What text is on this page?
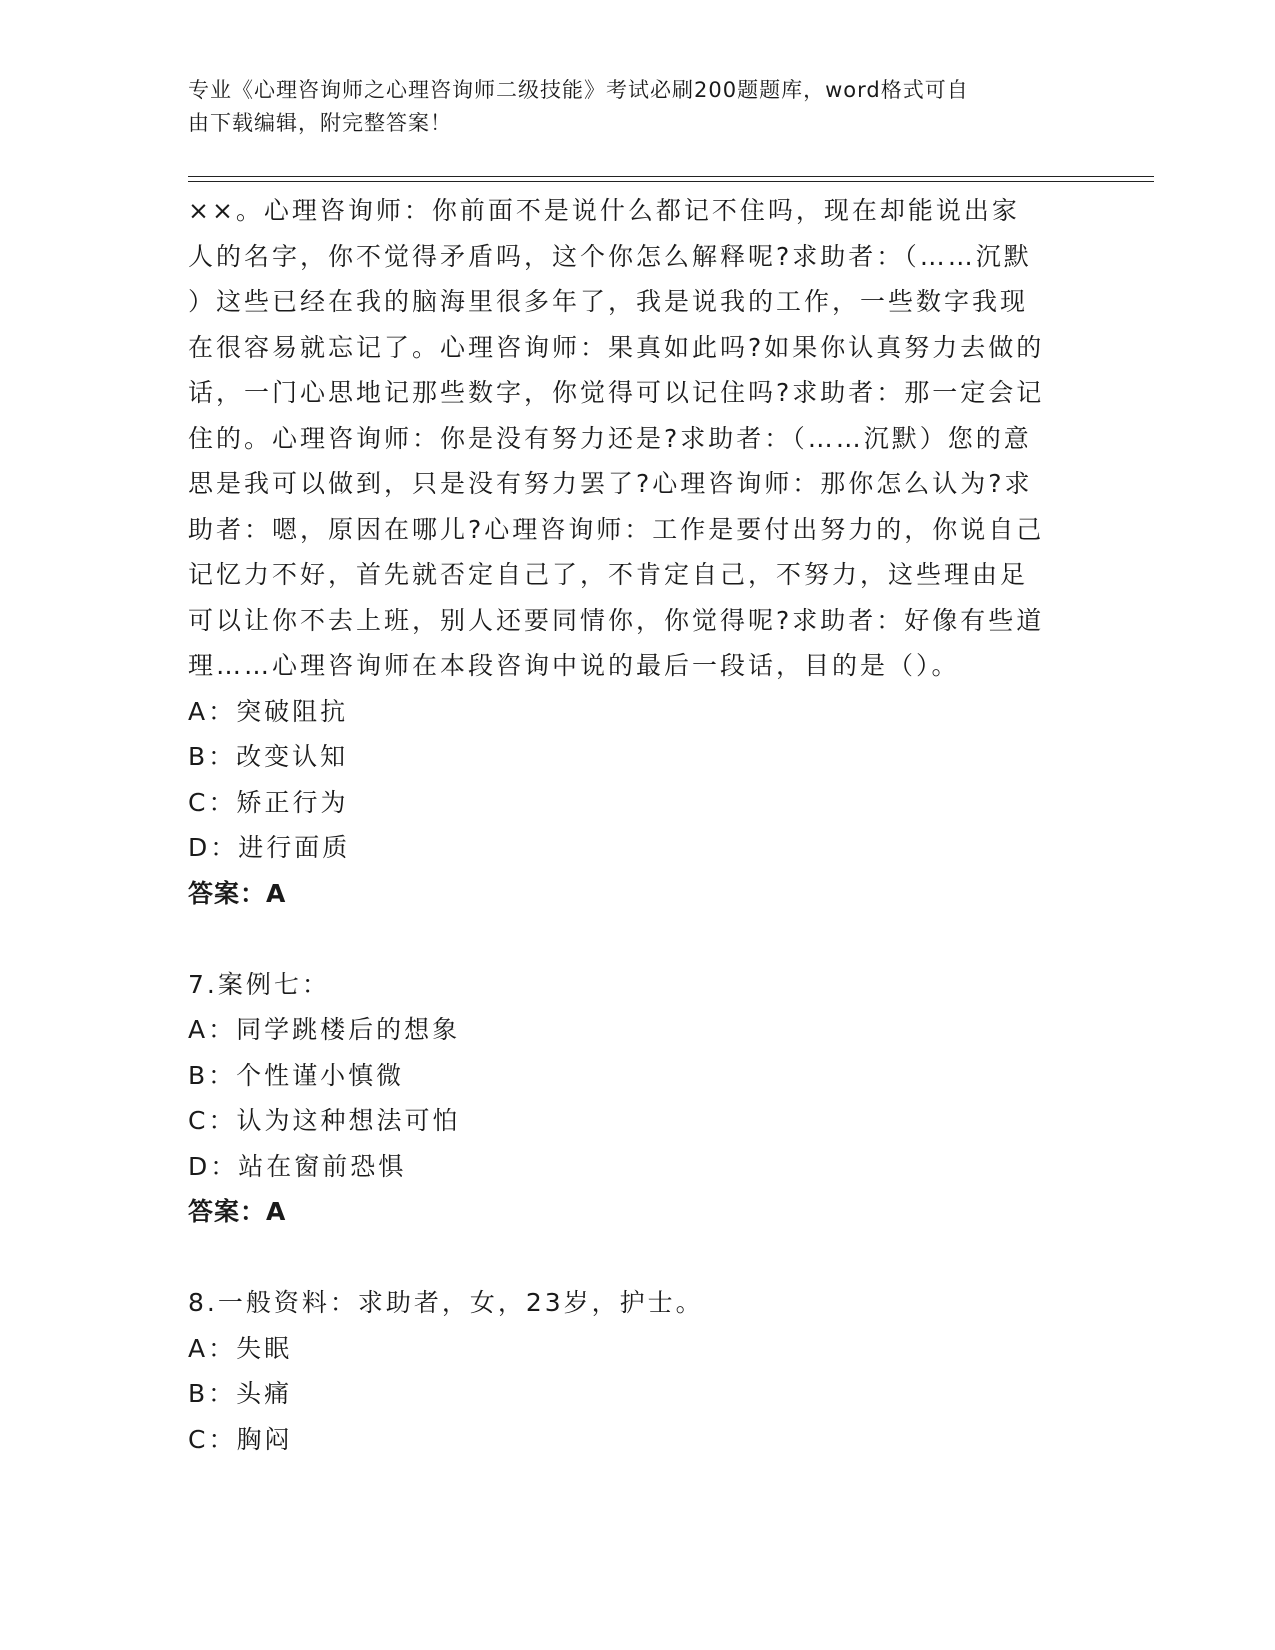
专业《心理咨询师之心理咨询师二级技能》考试必刷200题题库，word格式可自
由下载编辑，附完整答案！
××。心理咨询师：你前面不是说什么都记不住吗，现在却能说出家
人的名字，你不觉得矛盾吗，这个你怎么解释呢?求助者：（……沉默
）这些已经在我的脑海里很多年了，我是说我的工作，一些数字我现
在很容易就忘记了。心理咨询师：果真如此吗?如果你认真努力去做的
话，一门心思地记那些数字，你觉得可以记住吗?求助者：那一定会记
住的。心理咨询师：你是没有努力还是?求助者：（……沉默）您的意
思是我可以做到，只是没有努力罢了?心理咨询师：那你怎么认为?求
助者：嗯，原因在哪儿?心理咨询师：工作是要付出努力的，你说自己
记忆力不好，首先就否定自己了，不肯定自己，不努力，这些理由足
可以让你不去上班，别人还要同情你，你觉得呢?求助者：好像有些道
理……心理咨询师在本段咨询中说的最后一段话，目的是（）。
A：突破阻抗
B：改变认知
C：矫正行为
D：进行面质
答案：A
7.案例七：
A：同学跳楼后的想象
B：个性谨小慎微
C：认为这种想法可怕
D：站在窗前恐惧
答案：A
8.一般资料：求助者，女，23岁，护士。
A：失眠
B：头痛
C：胸闷
